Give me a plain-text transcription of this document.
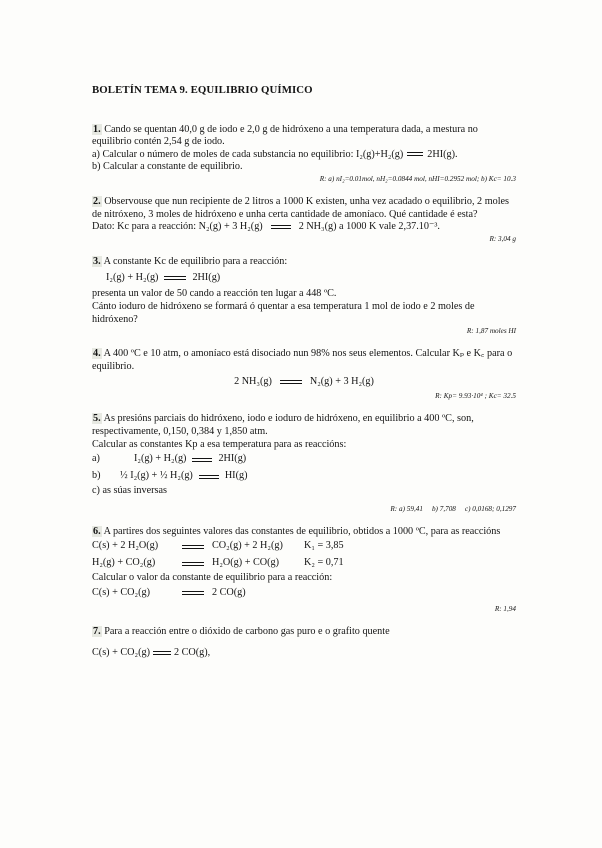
BOLETÍN TEMA 9. EQUILIBRIO QUÍMICO
1. Cando se quentan 40,0 g de iodo e 2,0 g de hidróxeno a una temperatura dada, a mestura no equilibrio contén 2,54 g de iodo.
a) Calcular o número de moles de cada substancia no equilibrio: I₂(g)+H₂(g) 2HI(g).
b) Calcular a constante de equilibrio.
R: a) nI₂=0.01mol, nH₂=0.0844 mol, nHI=0.2952 mol; b) Kc= 10.3
2. Observouse que nun recipiente de 2 litros a 1000 K existen, unha vez acadado o equilibrio, 2 moles de nitróxeno, 3 moles de hidróxeno e unha certa cantidade de amoníaco. Qué cantidade é esta?
Dato: Kc para a reacción: N₂(g) + 3 H₂(g)	2 NH₃(g) a 1000 K vale 2,37.10⁻³.
R: 3,04 g
3. A constante Kc de equilibrio para a reacción:
I₂(g) + H₂(g)	2HI(g)
presenta un valor de 50 cando a reacción ten lugar a 448 ºC.
Cánto ioduro de hidróxeno se formará ó quentar a esa temperatura 1 mol de iodo e 2 moles de hidróxeno?
R: 1,87 moles HI
4. A 400 ºC e 10 atm, o amoníaco está disociado nun 98% nos seus elementos. Calcular Kₚ e K꜀ para o equilibrio.
2 NH₃(g)	N₂(g) + 3 H₂(g)
R: Kp= 9.93·10⁴ ; Kc= 32.5
5. As presións parciais do hidróxeno, iodo e ioduro de hidróxeno, en equilibrio a 400 ºC, son, respectivamente, 0,150, 0,384 y 1,850 atm.
Calcular as constantes Kp a esa temperatura para as reaccións:
a)	I₂(g) + H₂(g)	2HI(g)
b)	½ I₂(g) + ½ H₂(g)	HI(g)
c) as súas inversas
R: a) 59,41     b) 7,708     c) 0,0168; 0,1297
6. A partires dos seguintes valores das constantes de equilibrio, obtidos a 1000 ºC, para as reaccións
C(s) + 2 H₂O(g)	CO₂(g) + 2 H₂(g)	K₁ = 3,85
H₂(g) + CO₂(g)	H₂O(g) + CO(g)	K₂ = 0,71
Calcular o valor da constante de equilibrio para a reacción:
C(s) + CO₂(g)	2 CO(g)
R: 1,94
7. Para a reacción entre o dióxido de carbono gas puro e o grafito quente
C(s) + CO₂(g) 2 CO(g),
